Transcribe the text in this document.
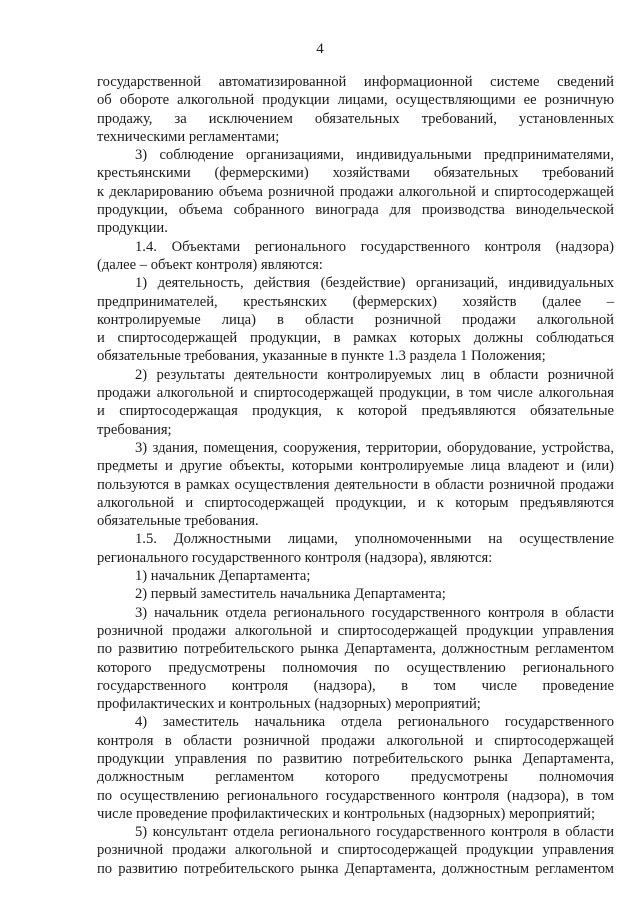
4
государственной автоматизированной информационной системе сведений
об обороте алкогольной продукции лицами, осуществляющими ее розничную
продажу, за исключением обязательных требований, установленных
техническими регламентами;
3) соблюдение организациями, индивидуальными предпринимателями,
крестьянскими (фермерскими) хозяйствами обязательных требований
к декларированию объема розничной продажи алкогольной и спиртосодержащей
продукции, объема собранного винограда для производства винодельческой
продукции.
1.4. Объектами регионального государственного контроля (надзора)
(далее – объект контроля) являются:
1) деятельность, действия (бездействие) организаций, индивидуальных
предпринимателей, крестьянских (фермерских) хозяйств (далее –
контролируемые лица) в области розничной продажи алкогольной
и спиртосодержащей продукции, в рамках которых должны соблюдаться
обязательные требования, указанные в пункте 1.3 раздела 1 Положения;
2) результаты деятельности контролируемых лиц в области розничной
продажи алкогольной и спиртосодержащей продукции, в том числе алкогольная
и спиртосодержащая продукция, к которой предъявляются обязательные
требования;
3) здания, помещения, сооружения, территории, оборудование, устройства,
предметы и другие объекты, которыми контролируемые лица владеют и (или)
пользуются в рамках осуществления деятельности в области розничной продажи
алкогольной и спиртосодержащей продукции, и к которым предъявляются
обязательные требования.
1.5. Должностными лицами, уполномоченными на осуществление
регионального государственного контроля (надзора), являются:
1) начальник Департамента;
2) первый заместитель начальника Департамента;
3) начальник отдела регионального государственного контроля в области
розничной продажи алкогольной и спиртосодержащей продукции управления
по развитию потребительского рынка Департамента, должностным регламентом
которого предусмотрены полномочия по осуществлению регионального
государственного контроля (надзора), в том числе проведение
профилактических и контрольных (надзорных) мероприятий;
4) заместитель начальника отдела регионального государственного
контроля в области розничной продажи алкогольной и спиртосодержащей
продукции управления по развитию потребительского рынка Департамента,
должностным регламентом которого предусмотрены полномочия
по осуществлению регионального государственного контроля (надзора), в том
числе проведение профилактических и контрольных (надзорных) мероприятий;
5) консультант отдела регионального государственного контроля в области
розничной продажи алкогольной и спиртосодержащей продукции управления
по развитию потребительского рынка Департамента, должностным регламентом
